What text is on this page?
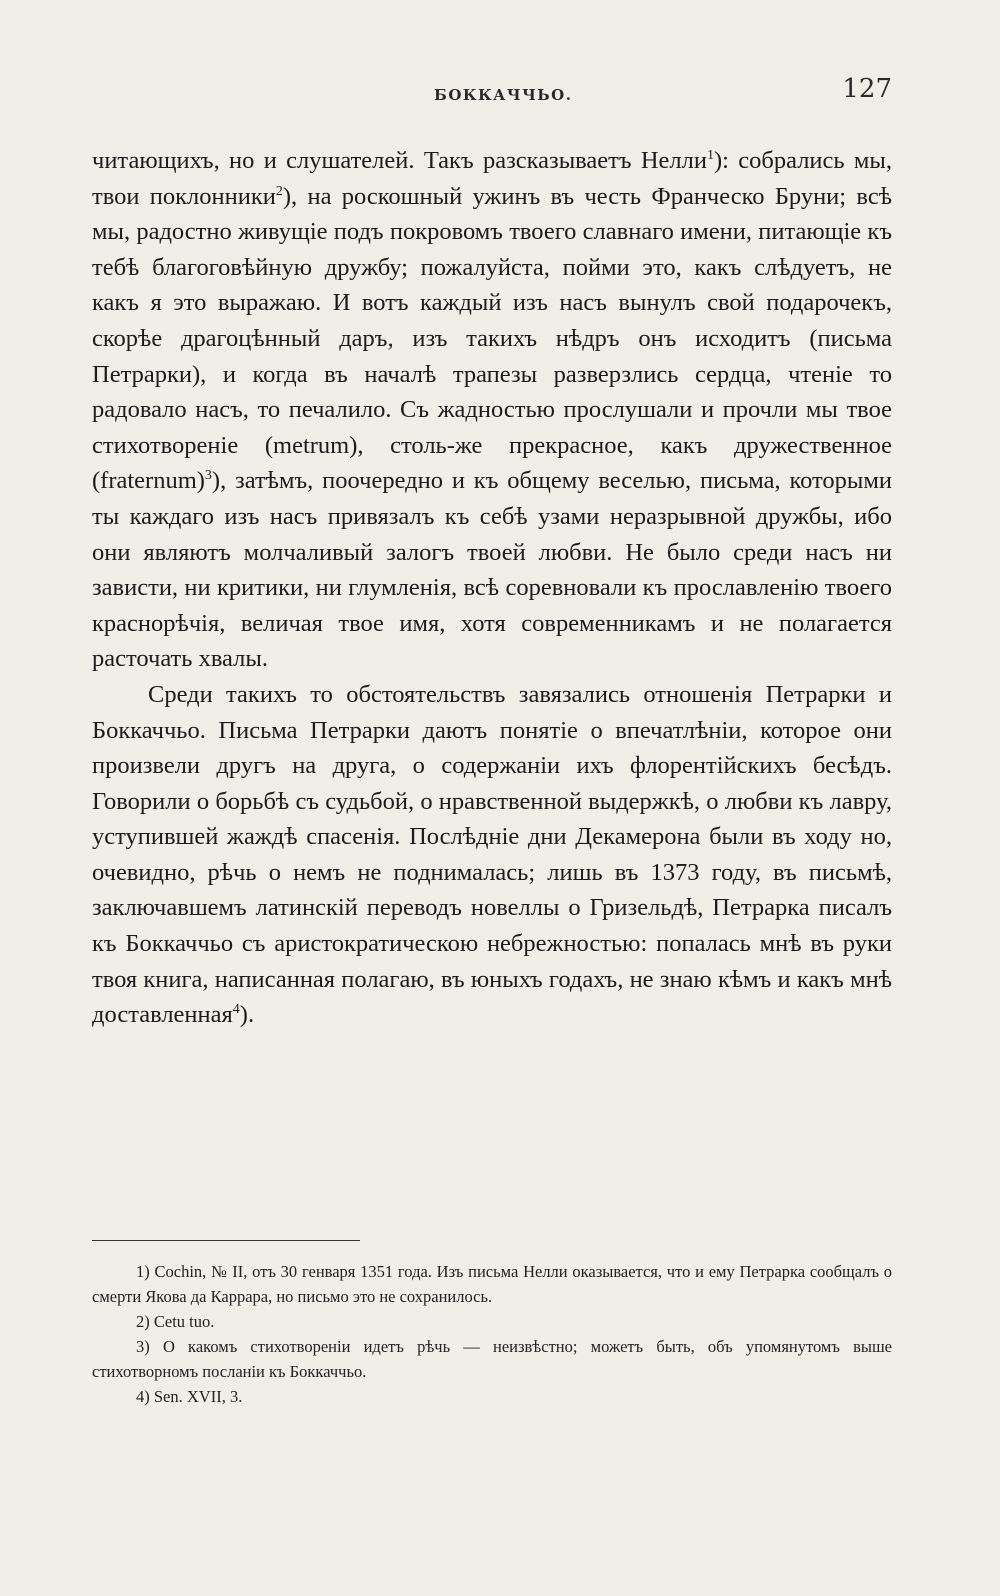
БОККАЧЧЬО.	127

читающихъ, но и слушателей. Такъ разсказываетъ Нелли$^1$): собрались мы, твои поклонники$^2$), на роскошный ужинъ въ честь Франческо Бруни; всѣ мы, радостно живущіе подъ покровомъ твоего славнаго имени, питающіе къ тебѣ благоговѣйную дружбу; пожалуйста, пойми это, какъ слѣдуетъ, не какъ я это выражаю. И вотъ каждый изъ насъ вынулъ свой подарочекъ, скорѣе драгоцѣнный даръ, изъ такихъ нѣдръ онъ исходитъ (письма Петрарки), и когда въ началѣ трапезы разверзлись сердца, чтеніе то радовало насъ, то печалило. Съ жадностью прослушали и прочли мы твое стихотвореніе (metrum), столь-же прекрасное, какъ дружественное (fraternum)$^3$), затѣмъ, поочередно и къ общему веселью, письма, которыми ты каждаго изъ насъ привязалъ къ себѣ узами неразрывной дружбы, ибо они являютъ молчаливый залогъ твоей любви. Не было среди насъ ни зависти, ни критики, ни глумленія, всѣ соревновали къ прославленію твоего краснорѣчія, величая твое имя, хотя современникамъ и не полагается расточать хвалы.

Среди такихъ то обстоятельствъ завязались отношенія Петрарки и Боккаччьо. Письма Петрарки даютъ понятіе о впечатлѣніи, которое они произвели другъ на друга, о содержаніи ихъ флорентійскихъ бесѣдъ. Говорили о борьбѣ съ судьбой, о нравственной выдержкѣ, о любви къ лавру, уступившей жаждѣ спасенія. Послѣдніе дни Декамерона были въ ходу но, очевидно, рѣчь о немъ не поднималась; лишь въ 1373 году, въ письмѣ, заключавшемъ латинскій переводъ новеллы о Гризельдѣ, Петрарка писалъ къ Боккаччьо съ аристократическою небрежностью: попалась мнѣ въ руки твоя книга, написанная полагаю, въ юныхъ годахъ, не знаю кѣмъ и какъ мнѣ доставленная$^4$).

1) Cochin, № II, отъ 30 генваря 1351 года. Изъ письма Нелли оказывается, что и ему Петрарка сообщалъ о смерти Якова да Каррара, но письмо это не сохранилось.

2) Cetu tuo.

3) О какомъ стихотвореніи идетъ рѣчь — неизвѣстно; можетъ быть, объ упомянутомъ выше стихотворномъ посланіи къ Боккаччьо.

4) Sen. XVII, 3.
